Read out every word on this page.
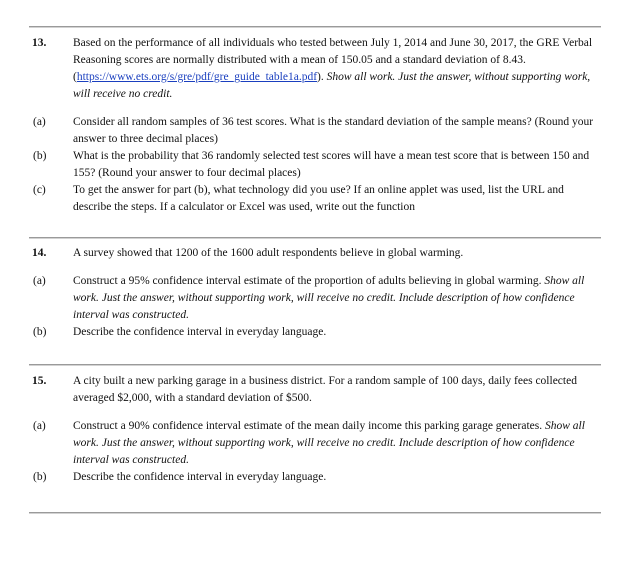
13. Based on the performance of all individuals who tested between July 1, 2014 and June 30, 2017, the GRE Verbal Reasoning scores are normally distributed with a mean of 150.05 and a standard deviation of 8.43. (https://www.ets.org/s/gre/pdf/gre_guide_table1a.pdf). Show all work. Just the answer, without supporting work, will receive no credit.
(a) Consider all random samples of 36 test scores. What is the standard deviation of the sample means? (Round your answer to three decimal places)
(b) What is the probability that 36 randomly selected test scores will have a mean test score that is between 150 and 155? (Round your answer to four decimal places)
(c) To get the answer for part (b), what technology did you use? If an online applet was used, list the URL and describe the steps. If a calculator or Excel was used, write out the function
14. A survey showed that 1200 of the 1600 adult respondents believe in global warming.
(a) Construct a 95% confidence interval estimate of the proportion of adults believing in global warming. Show all work. Just the answer, without supporting work, will receive no credit. Include description of how confidence interval was constructed.
(b) Describe the confidence interval in everyday language.
15. A city built a new parking garage in a business district. For a random sample of 100 days, daily fees collected averaged $2,000, with a standard deviation of $500.
(a) Construct a 90% confidence interval estimate of the mean daily income this parking garage generates. Show all work. Just the answer, without supporting work, will receive no credit. Include description of how confidence interval was constructed.
(b) Describe the confidence interval in everyday language.
